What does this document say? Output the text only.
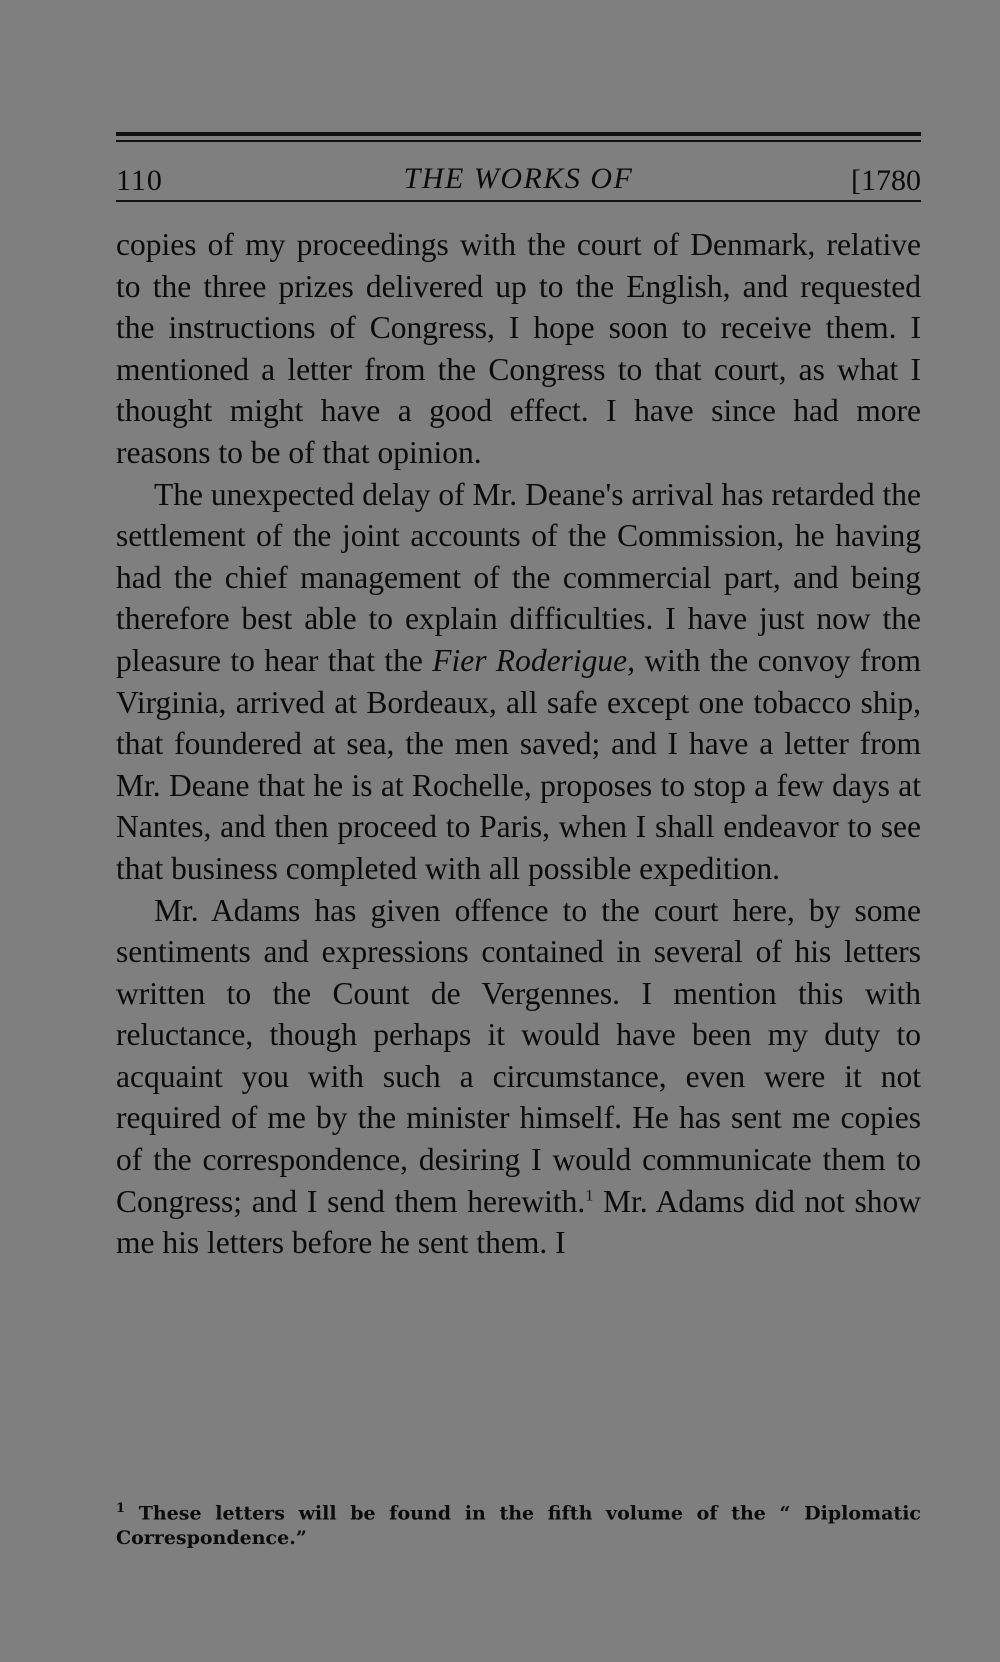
110	THE WORKS OF	[1780

copies of my proceedings with the court of Denmark, relative to the three prizes delivered up to the English, and requested the instructions of Congress, I hope soon to receive them. I mentioned a letter from the Congress to that court, as what I thought might have a good effect. I have since had more reasons to be of that opinion.

The unexpected delay of Mr. Deane's arrival has retarded the settlement of the joint accounts of the Commission, he having had the chief management of the commercial part, and being therefore best able to explain difficulties. I have just now the pleasure to hear that the Fier Roderigue, with the convoy from Virginia, arrived at Bordeaux, all safe except one tobacco ship, that foundered at sea, the men saved; and I have a letter from Mr. Deane that he is at Rochelle, proposes to stop a few days at Nantes, and then proceed to Paris, when I shall endeavor to see that business completed with all possible expedition.

Mr. Adams has given offence to the court here, by some sentiments and expressions contained in several of his letters written to the Count de Vergennes. I mention this with reluctance, though perhaps it would have been my duty to acquaint you with such a circumstance, even were it not required of me by the minister himself. He has sent me copies of the correspondence, desiring I would communicate them to Congress; and I send them herewith.$^1$ Mr. Adams did not show me his letters before he sent them. I

$^1$ These letters will be found in the fifth volume of the “ Diplomatic Correspondence.”
